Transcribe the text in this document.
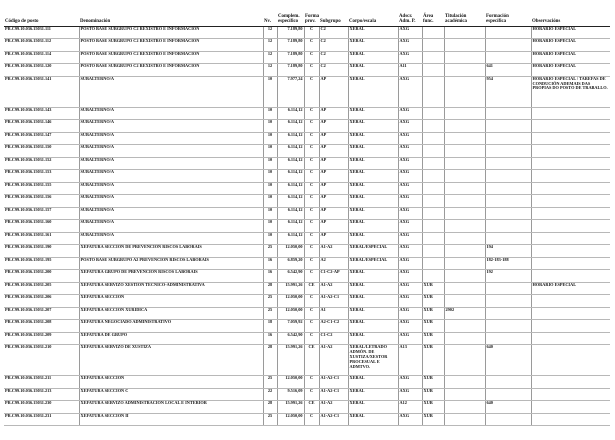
Código de posto	Denominación	Nv.	Complem. específico	Forma prov.	Subgrupo	Corpo/escala	Adscr. Adm. P.	Área func.	Titulación académica	Formación específica	Observacións
PR.C99.10.036.15031.111	POSTO BASE SUBGRUPO C2 REXISTRO E INFORMACIÓN	12	7.189,80	C	C2	XERAL	AXG				HORARIO ESPECIAL
PR.C99.10.036.15031.112	POSTO BASE SUBGRUPO C2 REXISTRO E INFORMACIÓN	12	7.189,80	C	C2	XERAL	AXG				HORARIO ESPECIAL
PR.C99.10.036.15031.114	POSTO BASE SUBGRUPO C2 REXISTRO E INFORMACIÓN	12	7.189,80	C	C2	XERAL	AXG				HORARIO ESPECIAL
PR.C99.10.036.15031.120	POSTO BASE SUBGRUPO C2 REXISTRO E INFORMACIÓN	12	7.189,80	C	C2	XERAL	A11			641	HORARIO ESPECIAL
PR.C99.10.036.15031.141	SUBALTERNO/A	10	7.977,24	C	AP	XERAL	AXG			954	HORARIO ESPECIAL / TAREFAS DE CONDUCIÓN ADEMAIS DAS PROPIAS DO POSTO DE TRABALLO.
PR.C99.10.036.15031.143	SUBALTERNO/A	10	6.114,12	C	AP	XERAL	AXG				
PR.C99.10.036.15031.146	SUBALTERNO/A	10	6.114,12	C	AP	XERAL	AXG				
PR.C99.10.036.15031.147	SUBALTERNO/A	10	6.114,12	C	AP	XERAL	AXG				
PR.C99.10.036.15031.150	SUBALTERNO/A	10	6.114,12	C	AP	XERAL	AXG				
PR.C99.10.036.15031.152	SUBALTERNO/A	10	6.114,12	C	AP	XERAL	AXG				
PR.C99.10.036.15031.153	SUBALTERNO/A	10	6.114,12	C	AP	XERAL	AXG				
PR.C99.10.036.15031.155	SUBALTERNO/A	10	6.114,12	C	AP	XERAL	AXG				
PR.C99.10.036.15031.156	SUBALTERNO/A	10	6.114,12	C	AP	XERAL	AXG				
PR.C99.10.036.15031.157	SUBALTERNO/A	10	6.114,12	C	AP	XERAL	AXG				
PR.C99.10.036.15031.160	SUBALTERNO/A	10	6.114,12	C	AP	XERAL	AXG				
PR.C99.10.036.15031.161	SUBALTERNO/A	10	6.114,12	C	AP	XERAL	AXG				
PR.C99.10.036.15031.190	XEFATURA SECCIÓN DE PREVENCIÓN RISCOS LABORAIS	25	12.050,00	C	A1-A2	XERAL/ESPECIAL	AXG			194	
PR.C99.10.036.15031.195	POSTO BASE SUBGRUPO A2 PREVENCIÓN RISCOS LABORAIS	16	6.859,20	C	A2	XERAL/ESPECIAL	AXG			182-183-188	
PR.C99.10.036.15031.200	XEFATURA GRUPO DE PREVENCIÓN RISCOS LABORAIS	16	6.542,90	C	C1-C2-AP	XERAL	AXG			192	
PR.C99.10.036.15031.205	XEFATURA SERVIZO XESTIÓN TÉCNICO-ADMINISTRATIVA	28	15.991,26	CE	A1-A2	XERAL	AXG	XUR			HORARIO ESPECIAL
PR.C99.10.036.15031.206	XEFATURA SECCIÓN	25	12.050,00	C	A1-A2-C1	XERAL	AXG	XUR			
PR.C99.10.036.15031.207	XEFATURA SECCIÓN XURÍDICA	25	12.050,00	C	A1	XERAL	AXG	XUR	2902		
PR.C99.10.036.15031.208	XEFATURA NEGOCIADO ADMINISTRATIVO	18	7.059,92	C	A2-C1-C2	XERAL	AXG	XUR			
PR.C99.10.036.15031.209	XEFATURA DE GRUPO	16	6.542,90	C	C1-C2	XERAL	AXG	XUR			
PR.C99.10.036.15031.210	XEFATURA SERVIZO DE XUSTIZA	28	15.991,26	CE	A1-A2	XERAL/LETRADO ADMÓN. DE XUSTIZA/XESTOR PROCESUAL E ADMTVO.	A13	XUR		640	
PR.C99.10.036.15031.211	XEFATURA SECCIÓN	25	12.050,00	C	A1-A2-C1	XERAL	AXG	XUR			
PR.C99.10.036.15031.213	XEFATURA SECCIÓN C	22	9.516,09	C	A1-A2-C1	XERAL	AXG	XUR			
PR.C99.10.036.15031.230	XEFATURA SERVIZO ADMINISTRACIÓN LOCAL E INTERIOR	28	15.991,26	CE	A1-A2	XERAL	A12	XUR		640	
PR.C99.10.036.15031.231	XEFATURA SECCIÓN II	25	12.050,00	C	A1-A2-C1	XERAL	AXG	XUR			
